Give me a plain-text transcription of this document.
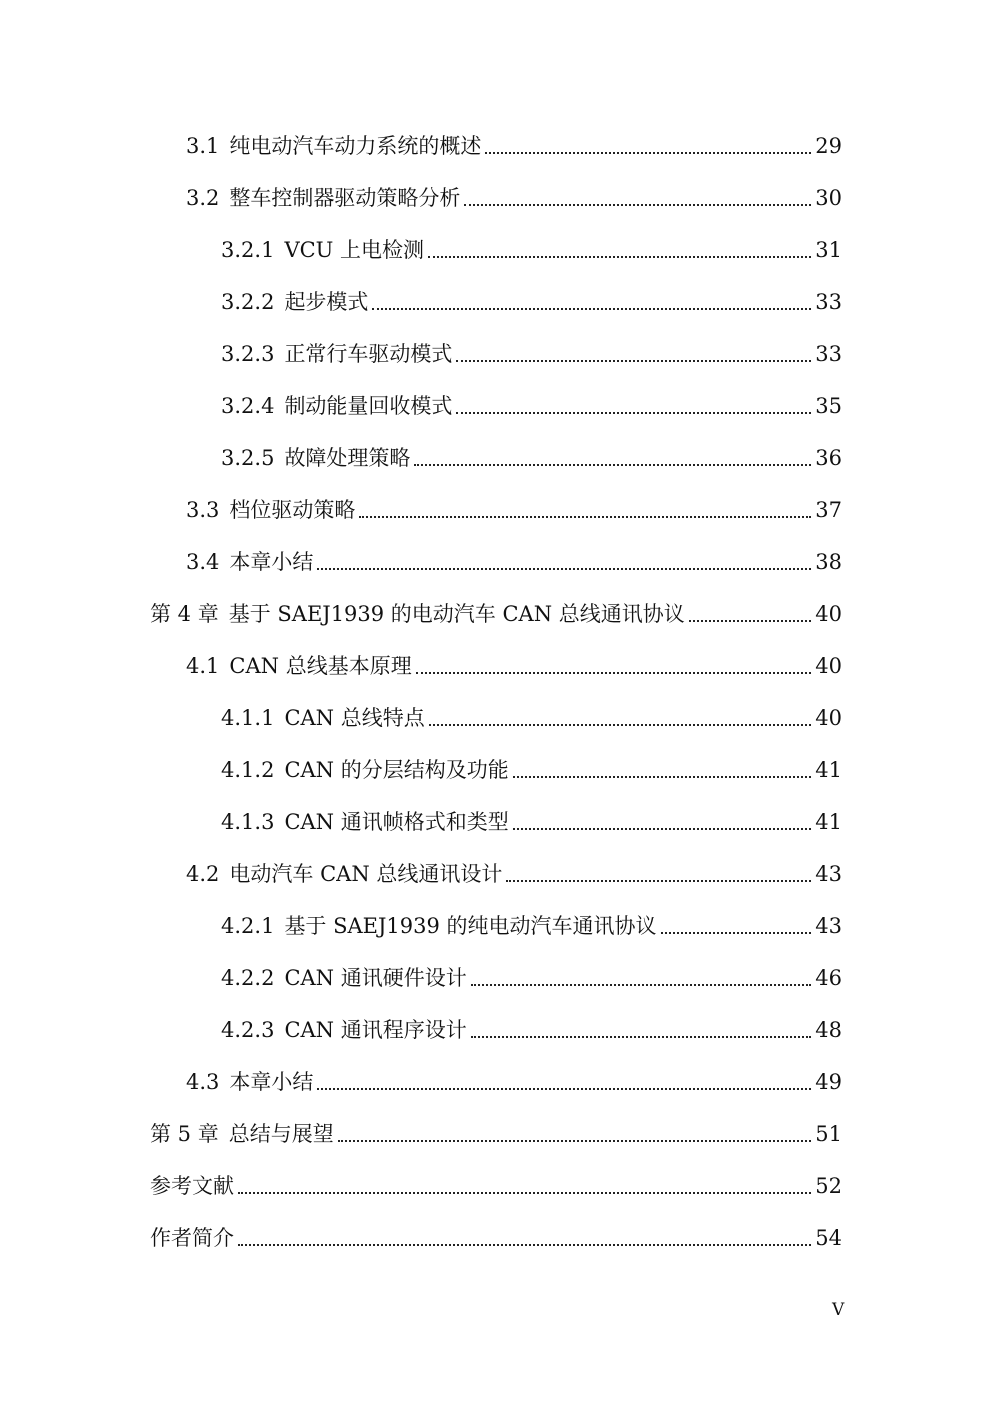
3.1 纯电动汽车动力系统的概述	29
3.2 整车控制器驱动策略分析	30
3.2.1 VCU 上电检测	31
3.2.2 起步模式	33
3.2.3 正常行车驱动模式	33
3.2.4 制动能量回收模式	35
3.2.5 故障处理策略	36
3.3 档位驱动策略	37
3.4 本章小结	38
第 4 章 基于 SAEJ1939 的电动汽车 CAN 总线通讯协议	40
4.1 CAN 总线基本原理	40
4.1.1 CAN 总线特点	40
4.1.2 CAN 的分层结构及功能	41
4.1.3 CAN 通讯帧格式和类型	41
4.2 电动汽车 CAN 总线通讯设计	43
4.2.1 基于 SAEJ1939 的纯电动汽车通讯协议	43
4.2.2 CAN 通讯硬件设计	46
4.2.3 CAN 通讯程序设计	48
4.3 本章小结	49
第 5 章 总结与展望	51
参考文献	52
作者简介	54
V
